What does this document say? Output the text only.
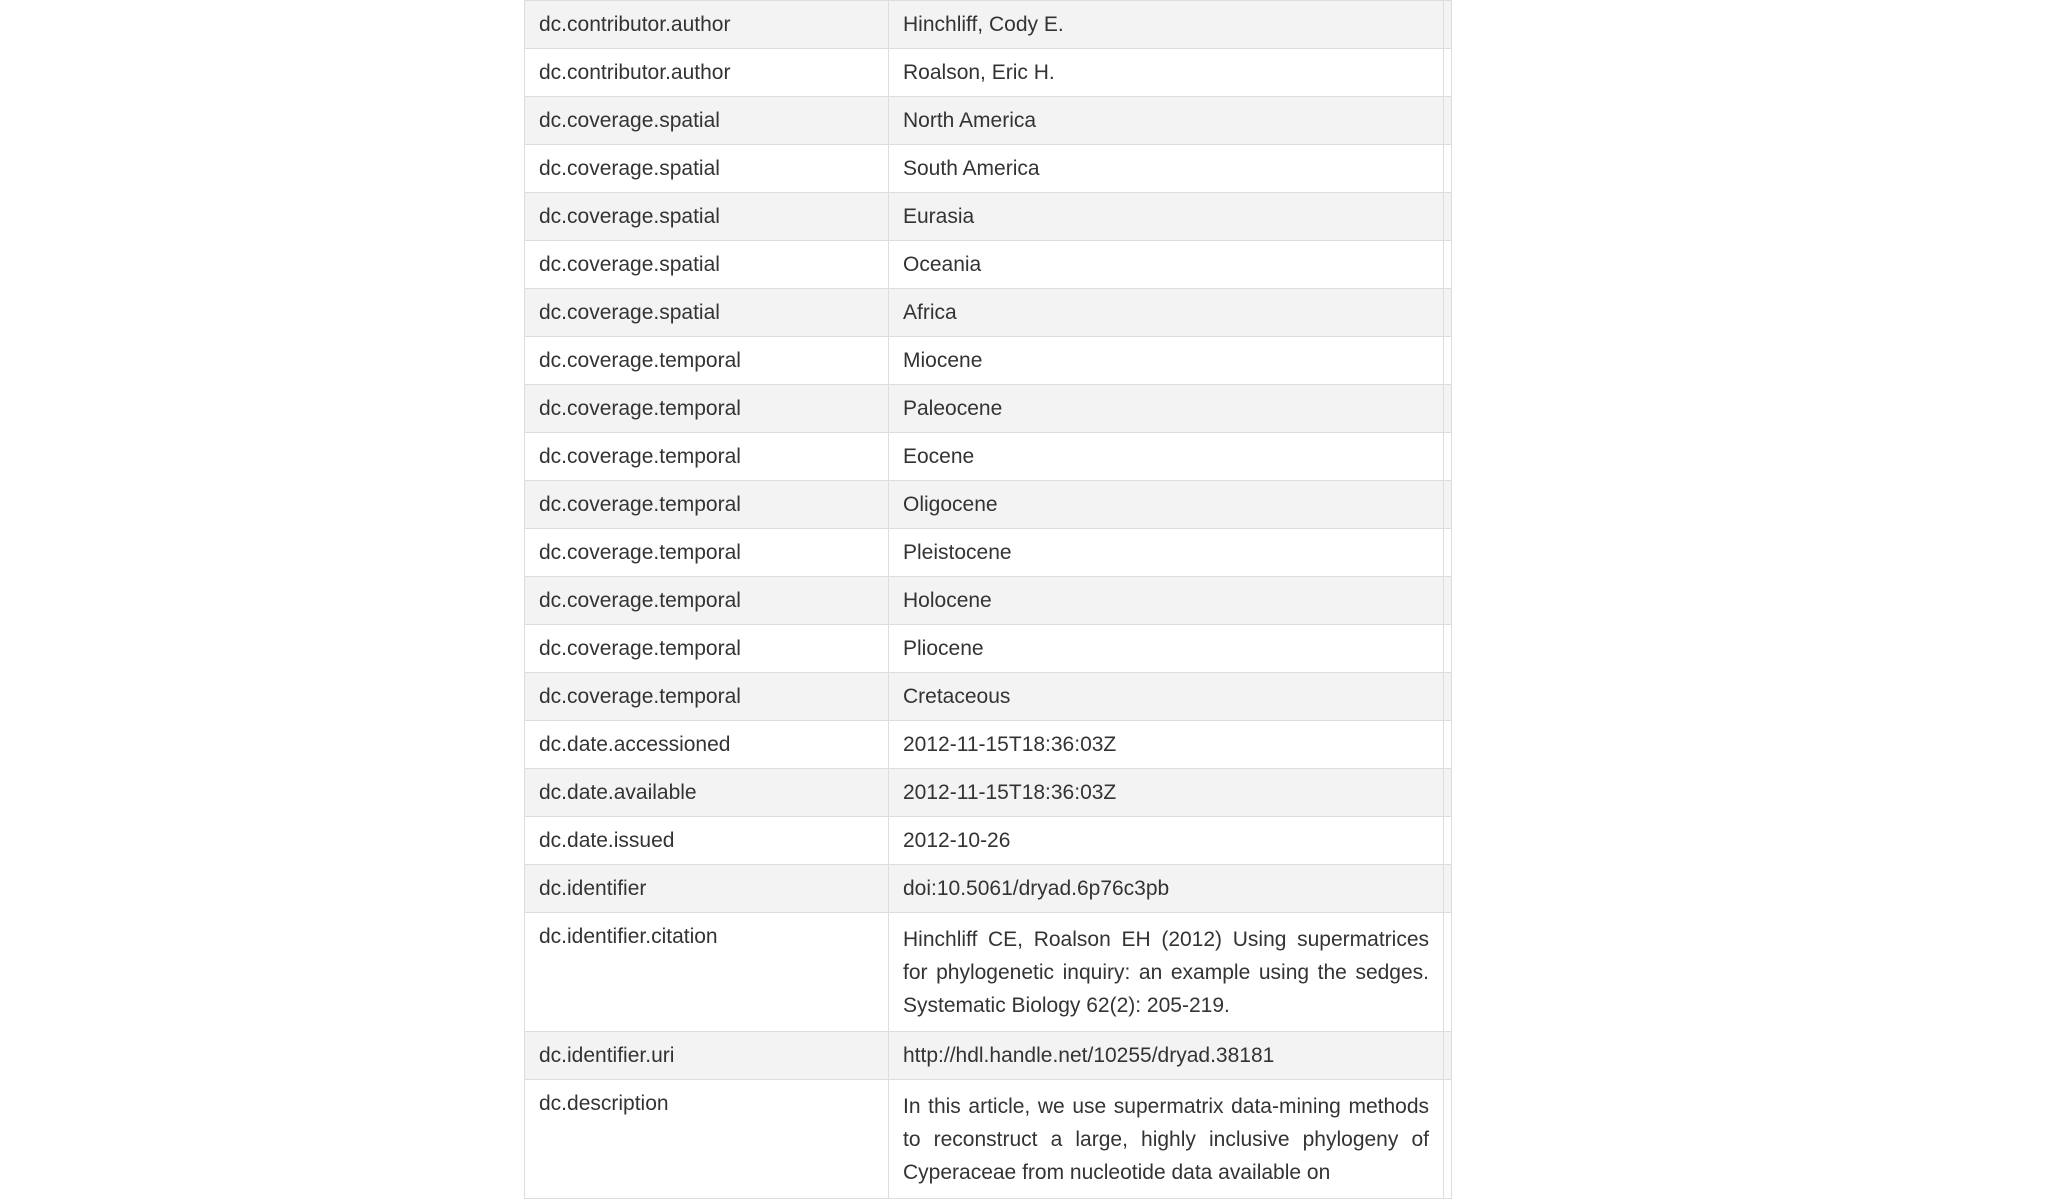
dc.contributor.author	Hinchliff, Cody E.	
dc.contributor.author	Roalson, Eric H.	
dc.coverage.spatial	North America	
dc.coverage.spatial	South America	
dc.coverage.spatial	Eurasia	
dc.coverage.spatial	Oceania	
dc.coverage.spatial	Africa	
dc.coverage.temporal	Miocene	
dc.coverage.temporal	Paleocene	
dc.coverage.temporal	Eocene	
dc.coverage.temporal	Oligocene	
dc.coverage.temporal	Pleistocene	
dc.coverage.temporal	Holocene	
dc.coverage.temporal	Pliocene	
dc.coverage.temporal	Cretaceous	
dc.date.accessioned	2012-11-15T18:36:03Z	
dc.date.available	2012-11-15T18:36:03Z	
dc.date.issued	2012-10-26	
dc.identifier	doi:10.5061/dryad.6p76c3pb	
dc.identifier.citation	Hinchliff CE, Roalson EH (2012) Using supermatrices for phylogenetic inquiry: an example using the sedges. Systematic Biology 62(2): 205-219.	
dc.identifier.uri	http://hdl.handle.net/10255/dryad.38181	
dc.description	In this article, we use supermatrix data-mining methods to reconstruct a large, highly inclusive phylogeny of Cyperaceae from nucleotide data available on	
